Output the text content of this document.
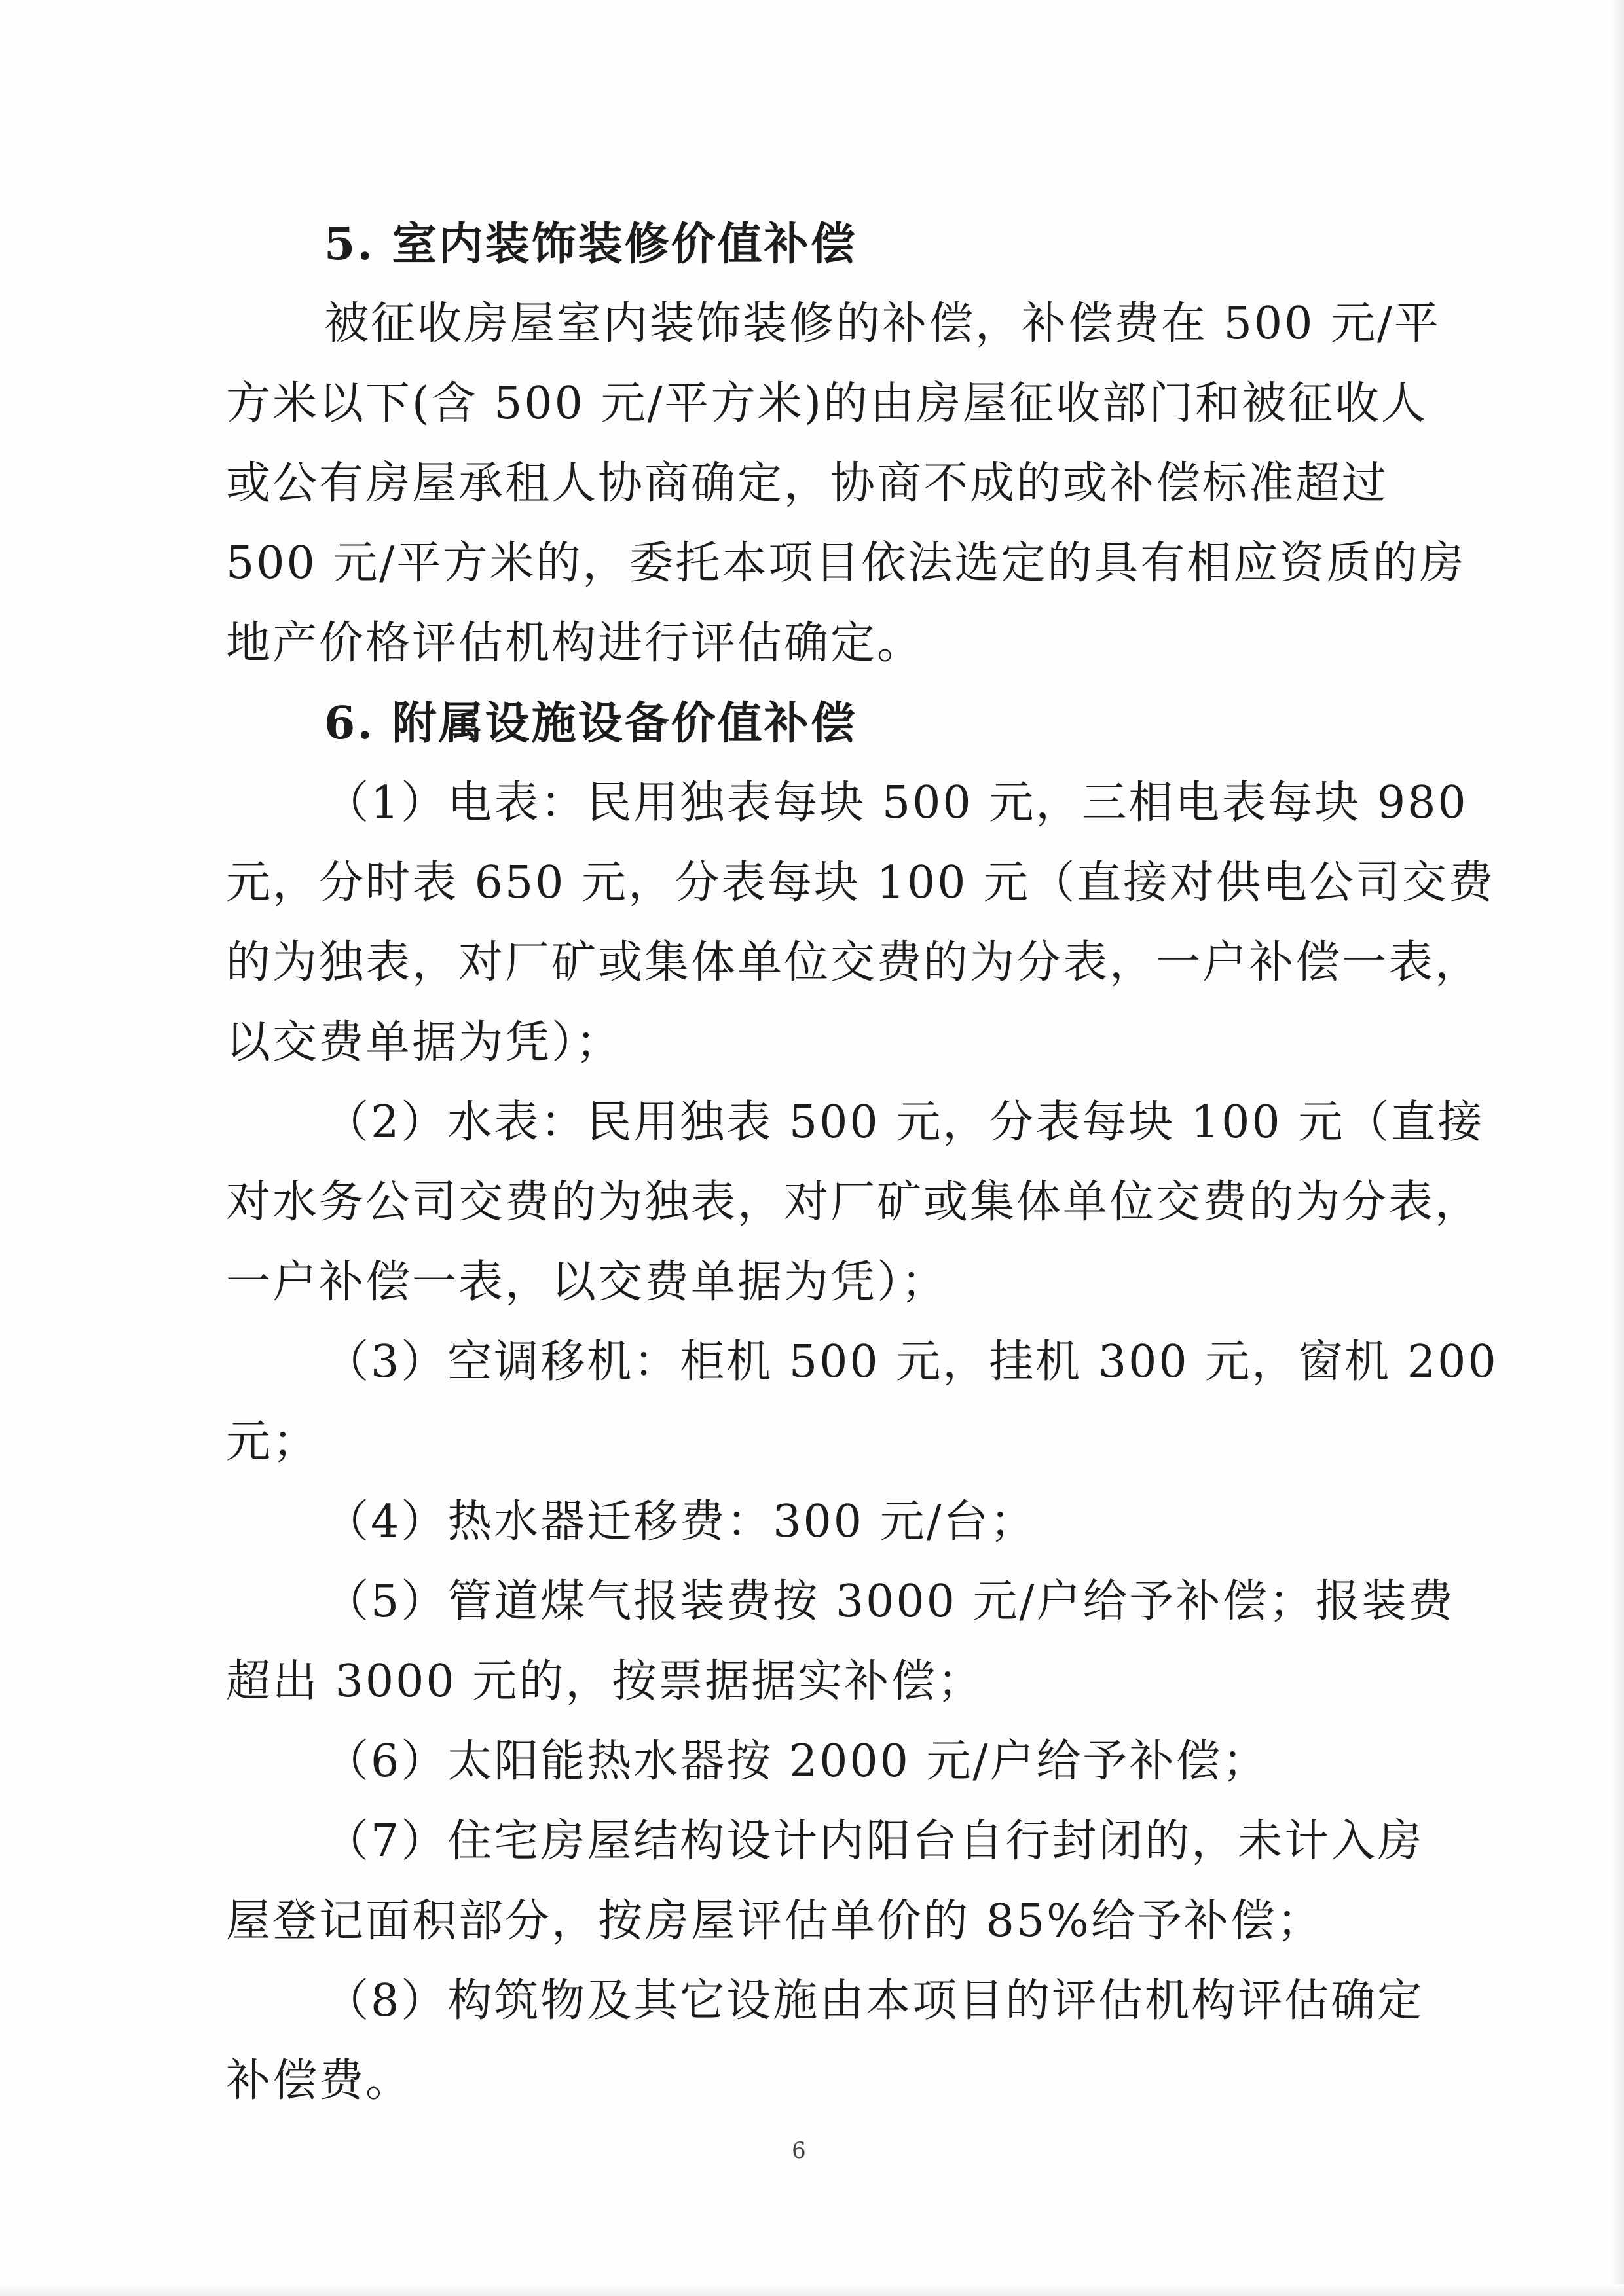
5. 室内装饰装修价值补偿
被征收房屋室内装饰装修的补偿，补偿费在 500 元/平
方米以下(含 500 元/平方米)的由房屋征收部门和被征收人
或公有房屋承租人协商确定，协商不成的或补偿标准超过
500 元/平方米的，委托本项目依法选定的具有相应资质的房
地产价格评估机构进行评估确定。
6. 附属设施设备价值补偿
（1）电表：民用独表每块 500 元，三相电表每块 980
元，分时表 650 元，分表每块 100 元（直接对供电公司交费
的为独表，对厂矿或集体单位交费的为分表，一户补偿一表，
以交费单据为凭）；
（2）水表：民用独表 500 元，分表每块 100 元（直接
对水务公司交费的为独表，对厂矿或集体单位交费的为分表，
一户补偿一表，以交费单据为凭）；
（3）空调移机：柜机 500 元，挂机 300 元，窗机 200
元；
（4）热水器迁移费：300 元/台；
（5）管道煤气报装费按 3000 元/户给予补偿；报装费
超出 3000 元的，按票据据实补偿；
（6）太阳能热水器按 2000 元/户给予补偿；
（7）住宅房屋结构设计内阳台自行封闭的，未计入房
屋登记面积部分，按房屋评估单价的 85%给予补偿；
（8）构筑物及其它设施由本项目的评估机构评估确定
补偿费。
6
